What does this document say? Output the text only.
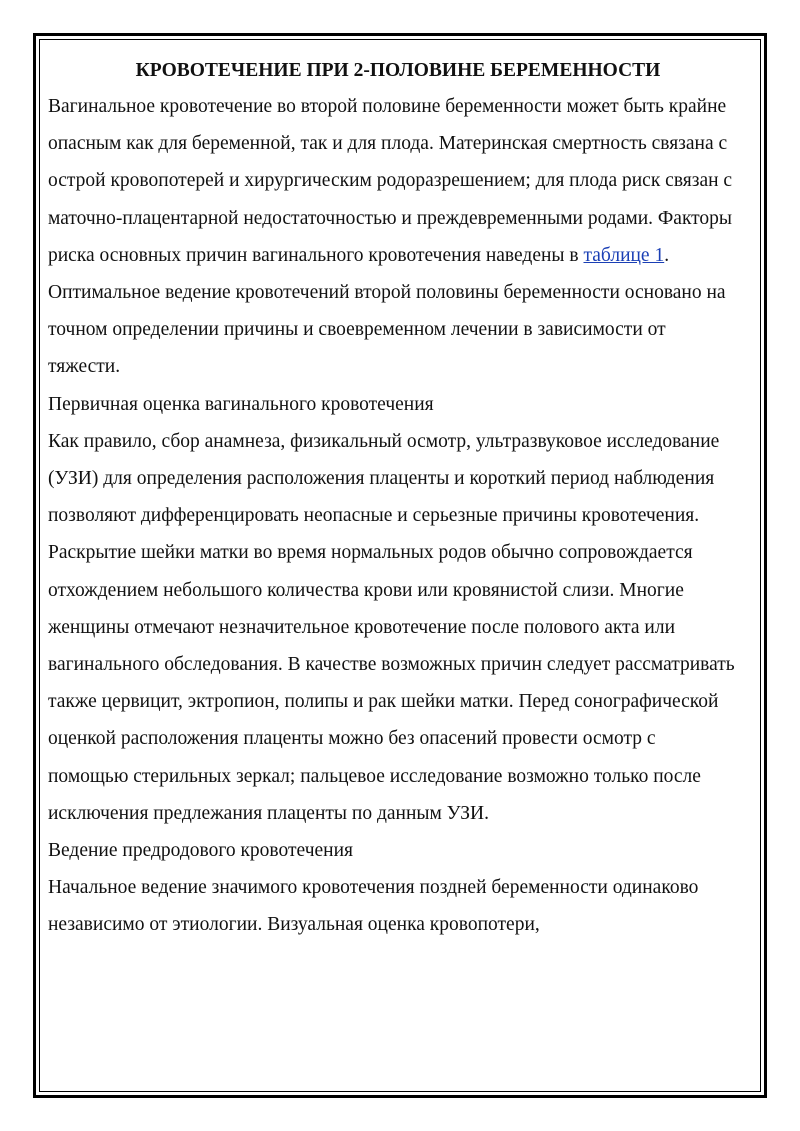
КРОВОТЕЧЕНИЕ ПРИ 2-ПОЛОВИНЕ БЕРЕМЕННОСТИ

Вагинальное кровотечение во второй половине беременности может быть крайне опасным как для беременной, так и для плода. Материнская смертность связана с острой кровопотерей и хирургическим родоразрешением; для плода риск связан с маточно-плацентарной недостаточностью и преждевременными родами. Факторы риска основных причин вагинального кровотечения наведены в таблице 1. Оптимальное ведение кровотечений второй половины беременности основано на точном определении причины и своевременном лечении в зависимости от тяжести.

Первичная оценка вагинального кровотечения

Как правило, сбор анамнеза, физикальный осмотр, ультразвуковое исследование (УЗИ) для определения расположения плаценты и короткий период наблюдения позволяют дифференцировать неопасные и серьезные причины кровотечения. Раскрытие шейки матки во время нормальных родов обычно сопровождается отхождением небольшого количества крови или кровянистой слизи. Многие женщины отмечают незначительное кровотечение после полового акта или вагинального обследования. В качестве возможных причин следует рассматривать также цервицит, эктропион, полипы и рак шейки матки. Перед сонографической оценкой расположения плаценты можно без опасений провести осмотр с помощью стерильных зеркал; пальцевое исследование возможно только после исключения предлежания плаценты по данным УЗИ.

Ведение предродового кровотечения

Начальное ведение значимого кровотечения поздней беременности одинаково независимо от этиологии. Визуальная оценка кровопотери,
